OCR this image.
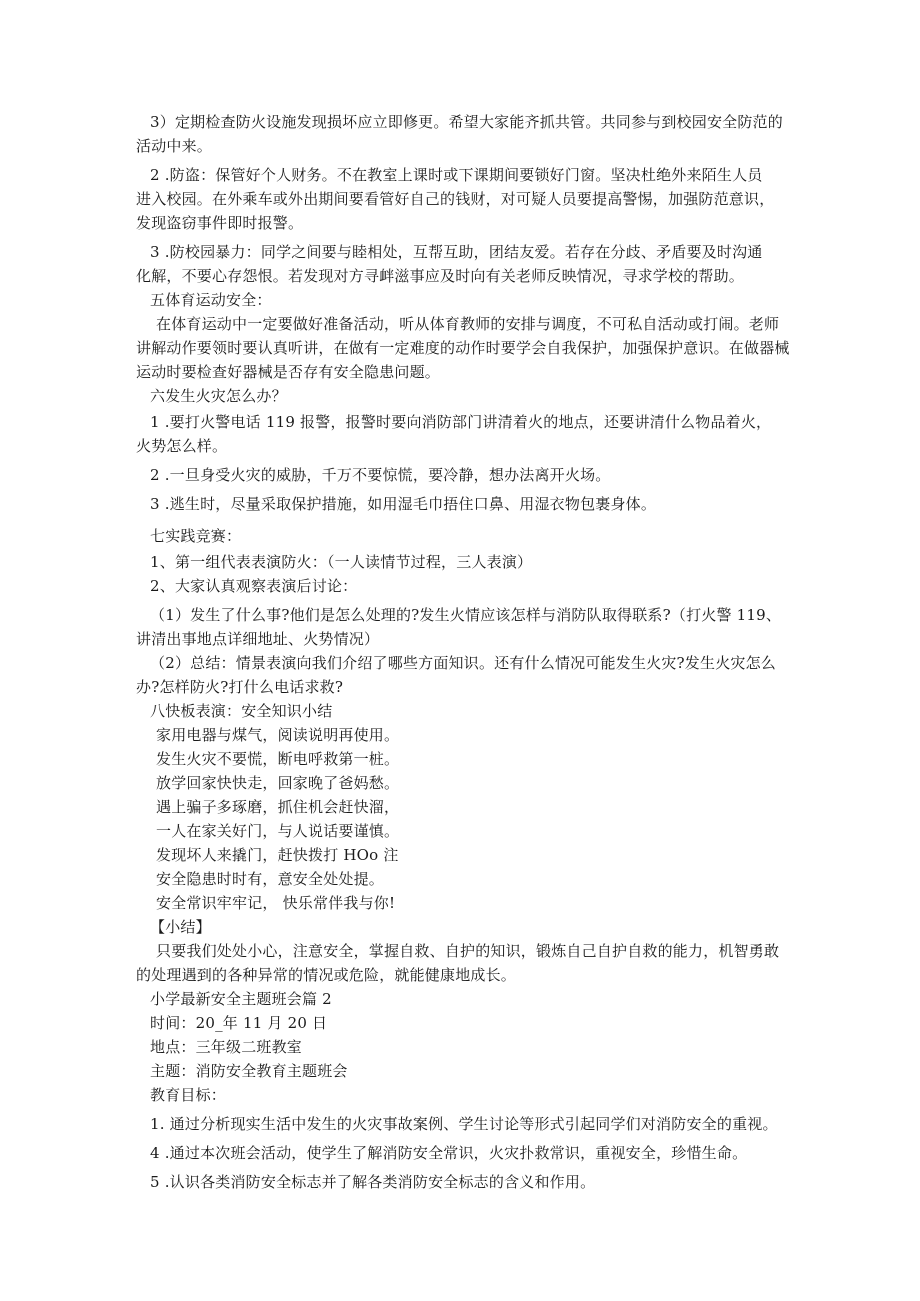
3）定期检查防火设施发现损坏应立即修更。希望大家能齐抓共管。共同参与到校园安全防范的
活动中来。
2 .防盗：保管好个人财务。不在教室上课时或下课期间要锁好门窗。坚决杜绝外来陌生人员
进入校园。在外乘车或外出期间要看管好自己的钱财，对可疑人员要提高警惕，加强防范意识，
发现盗窃事件即时报警。
3 .防校园暴力：同学之间要与睦相处，互帮互助，团结友爱。若存在分歧、矛盾要及时沟通
化解，不要心存怨恨。若发现对方寻衅滋事应及时向有关老师反映情况，寻求学校的帮助。
五体育运动安全：
在体育运动中一定要做好准备活动，听从体育教师的安排与调度，不可私自活动或打闹。老师
讲解动作要领时要认真听讲，在做有一定难度的动作时要学会自我保护，加强保护意识。在做器械
运动时要检查好器械是否存有安全隐患问题。
六发生火灾怎么办？
1 .要打火警电话 119 报警，报警时要向消防部门讲清着火的地点，还要讲清什么物品着火，
火势怎么样。
2 .一旦身受火灾的威胁，千万不要惊慌，要冷静，想办法离开火场。
3 .逃生时，尽量采取保护措施，如用湿毛巾捂住口鼻、用湿衣物包裹身体。
七实践竞赛：
1、第一组代表表演防火：（一人读情节过程，三人表演）
2、大家认真观察表演后讨论：
（1）发生了什么事?他们是怎么处理的?发生火情应该怎样与消防队取得联系?（打火警 119、
讲清出事地点详细地址、火势情况）
（2）总结：情景表演向我们介绍了哪些方面知识。还有什么情况可能发生火灾?发生火灾怎么
办?怎样防火?打什么电话求救?
八快板表演：安全知识小结
家用电器与煤气，阅读说明再使用。
发生火灾不要慌，断电呼救第一桩。
放学回家快快走，回家晚了爸妈愁。
遇上骗子多琢磨，抓住机会赶快溜，
一人在家关好门，与人说话要谨慎。
发现坏人来撬门，赶快拨打 HOo 注
安全隐患时时有，意安全处处提。
安全常识牢牢记， 快乐常伴我与你!
【小结】
只要我们处处小心，注意安全，掌握自救、自护的知识，锻炼自己自护自救的能力，机智勇敢
的处理遇到的各种异常的情况或危险，就能健康地成长。
小学最新安全主题班会篇 2
时间：20_年 11 月 20 日
地点：三年级二班教室
主题：消防安全教育主题班会
教育目标：
1. 通过分析现实生活中发生的火灾事故案例、学生讨论等形式引起同学们对消防安全的重视。
4 .通过本次班会活动，使学生了解消防安全常识，火灾扑救常识，重视安全，珍惜生命。
5 .认识各类消防安全标志并了解各类消防安全标志的含义和作用。
